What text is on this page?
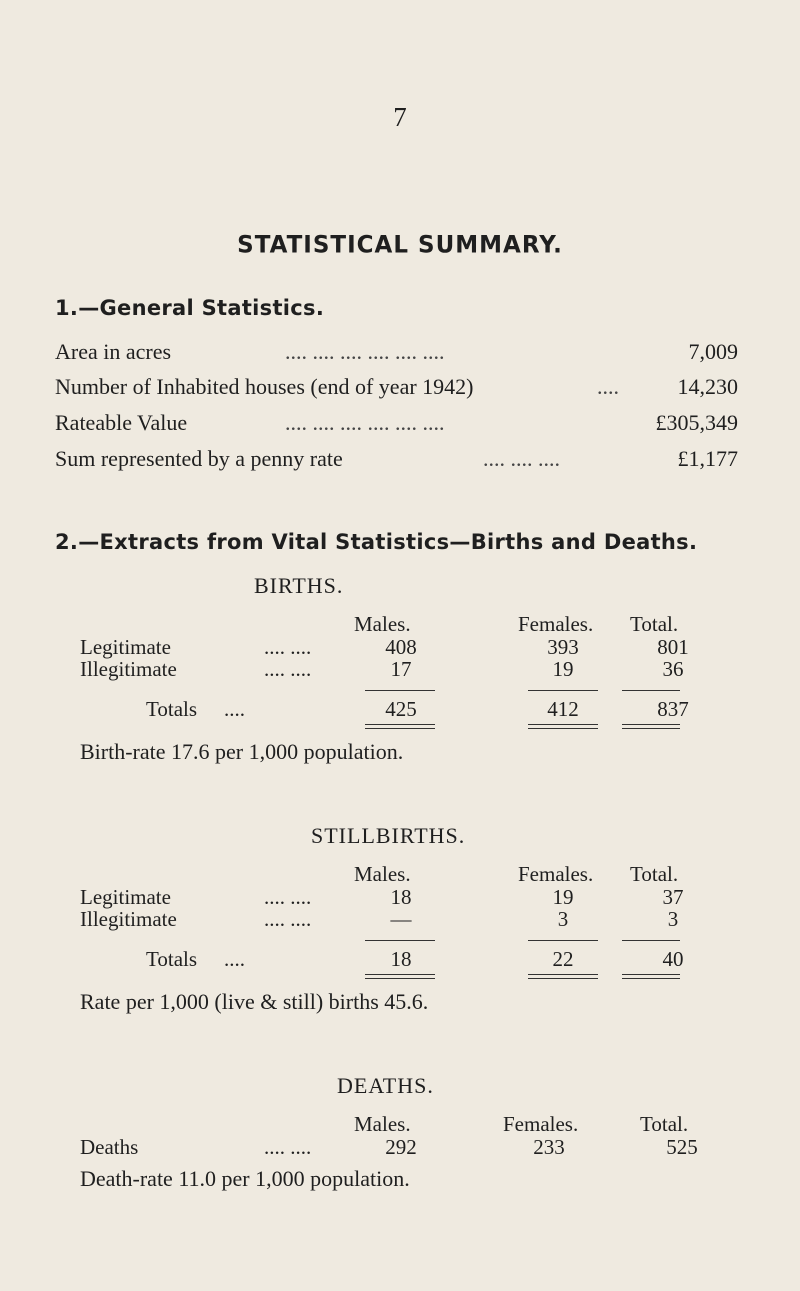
7
STATISTICAL SUMMARY.
1.—General Statistics.
Area in acres	.... .... .... .... .... ....	7,009
Number of Inhabited houses (end of year 1942)	....	14,230
Rateable Value	.... .... .... .... .... ....	£305,349
Sum represented by a penny rate	.... .... ....	£1,177
2.—Extracts from Vital Statistics—Births and Deaths.
BIRTHS.
Males.	Females. Total.
Legitimate	.... ....	408	393	801
Illegitimate	.... ....	17	19	36
Totals ....	425	412	837
Birth-rate 17.6 per 1,000 population.
STILLBIRTHS.
Males.	Females. Total.
Legitimate	.... ....	18	19	37
Illegitimate	.... ....	—	3	3
Totals ....	18	22	40
Rate per 1,000 (live & still) births 45.6.
DEATHS.
Males.	Females.	Total.
Deaths	.... ....	292	233	525
Death-rate 11.0 per 1,000 population.
